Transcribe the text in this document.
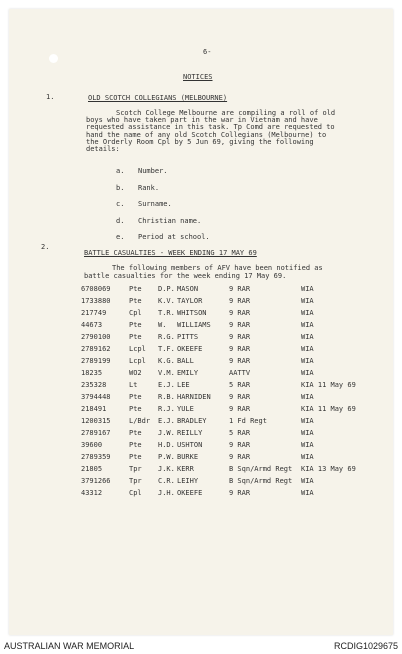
6-
NOTICES
1.	OLD SCOTCH COLLEGIANS (MELBOURNE)
Scotch College Melbourne are compiling a roll of old
boys who have taken part in the war in Vietnam and have
requested assistance in this task. Tp Comd are requested to
hand the name of any old Scotch Collegians (Melbourne) to
the Orderly Room Cpl by 5 Jun 69, giving the following
details:
a. Number.
b. Rank.
c. Surname.
d. Christian name.
e. Period at school.
2.
BATTLE CASUALTIES - WEEK ENDING 17 MAY 69
The following members of AFV have been notified as
battle casualties for the week ending 17 May 69.
6708069	Pte D.P. MASON	9 RAR	WIA
1733880	Pte K.V. TAYLOR	9 RAR	WIA
217749	Cpl T.R. WHITSON	9 RAR	WIA
44673	Pte W. WILLIAMS	9 RAR	WIA
2790100	Pte R.G. PITTS	9 RAR	WIA
2789162	Lcpl T.F. OKEEFE	9 RAR	WIA
2789199	Lcpl K.G. BALL	9 RAR	WIA
18235	WO2 V.M. EMILY	AATTV	WIA
235328	Lt	E.J. LEE	5 RAR	KIA 11 May 69
3794448	Pte R.B. HARNIDEN	9 RAR	WIA
218491	Pte R.J. YULE	9 RAR	KIA 11 May 69
1200315	L/Bdr E.J. BRADLEY	1 Fd Regt	WIA
2789167	Pte J.W. REILLY	5 RAR	WIA
39600	Pte H.D. USHTON	9 RAR	WIA
2789359	Pte P.W. BURKE	9 RAR	WIA
21805	Tpr J.K. KERR	B Sqn/Armd Regt KIA 13 May 69
3791266	Tpr C.R. LEIHY	B Sqn/Armd Regt WIA
43312	Cpl J.H. OKEEFE	9 RAR	WIA
AUSTRALIAN WAR MEMORIAL	RCDIG1029675
